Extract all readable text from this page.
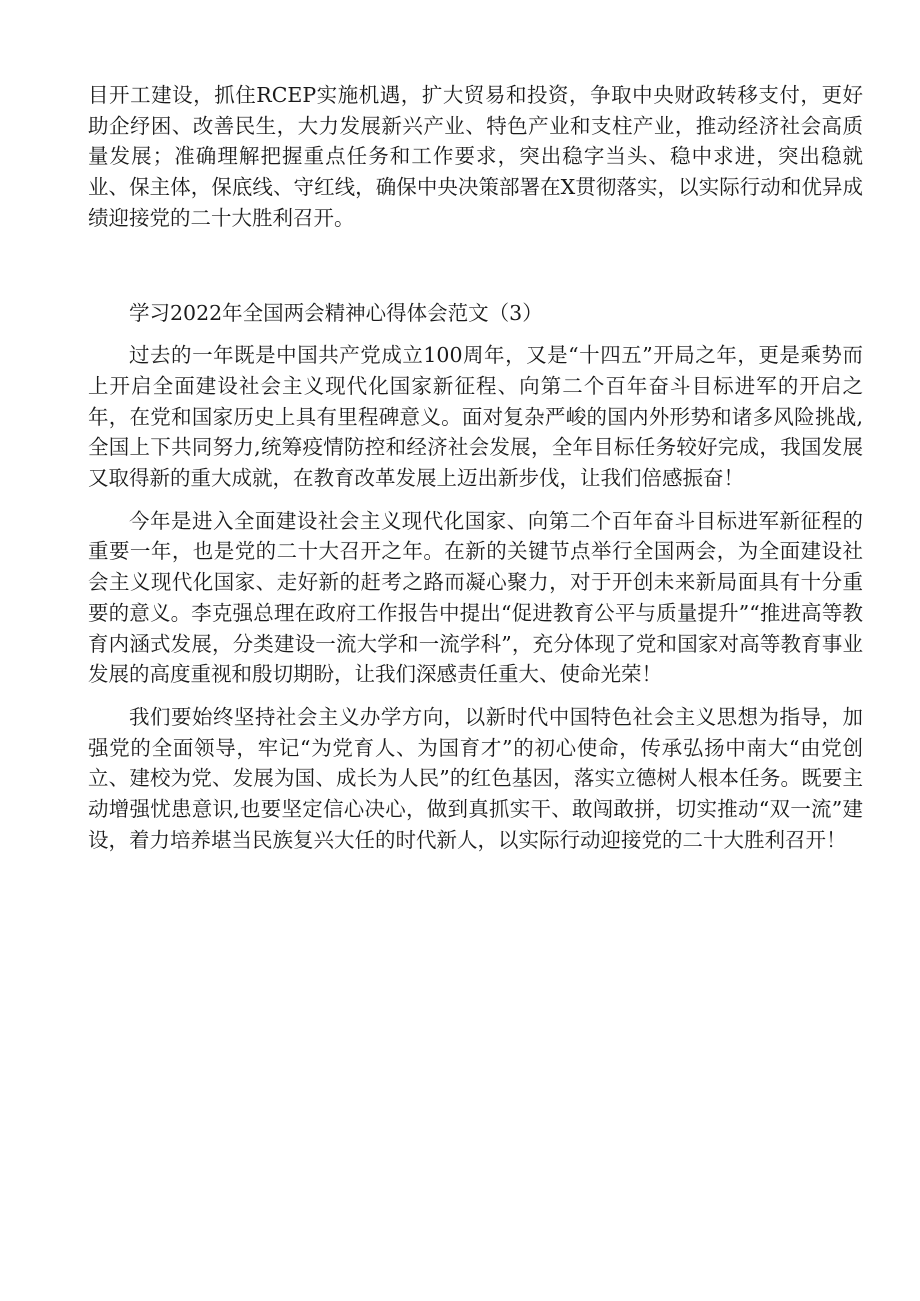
目开工建设，抓住RCEP实施机遇，扩大贸易和投资，争取中央财政转移支付，更好助企纾困、改善民生，大力发展新兴产业、特色产业和支柱产业，推动经济社会高质量发展；准确理解把握重点任务和工作要求，突出稳字当头、稳中求进，突出稳就业、保主体，保底线、守红线，确保中央决策部署在X贯彻落实，以实际行动和优异成绩迎接党的二十大胜利召开。

学习2022年全国两会精神心得体会范文（3）

过去的一年既是中国共产党成立100周年，又是“十四五”开局之年，更是乘势而上开启全面建设社会主义现代化国家新征程、向第二个百年奋斗目标进军的开启之年，在党和国家历史上具有里程碑意义。面对复杂严峻的国内外形势和诸多风险挑战,全国上下共同努力,统筹疫情防控和经济社会发展，全年目标任务较好完成，我国发展又取得新的重大成就，在教育改革发展上迈出新步伐，让我们倍感振奋！

今年是进入全面建设社会主义现代化国家、向第二个百年奋斗目标进军新征程的重要一年，也是党的二十大召开之年。在新的关键节点举行全国两会，为全面建设社会主义现代化国家、走好新的赶考之路而凝心聚力，对于开创未来新局面具有十分重要的意义。李克强总理在政府工作报告中提出“促进教育公平与质量提升”“推进高等教育内涵式发展，分类建设一流大学和一流学科”，充分体现了党和国家对高等教育事业发展的高度重视和殷切期盼，让我们深感责任重大、使命光荣！

我们要始终坚持社会主义办学方向，以新时代中国特色社会主义思想为指导，加强党的全面领导，牢记“为党育人、为国育才”的初心使命，传承弘扬中南大“由党创立、建校为党、发展为国、成长为人民”的红色基因，落实立德树人根本任务。既要主动增强忧患意识,也要坚定信心决心，做到真抓实干、敢闯敢拼，切实推动“双一流”建设，着力培养堪当民族复兴大任的时代新人，以实际行动迎接党的二十大胜利召开！
